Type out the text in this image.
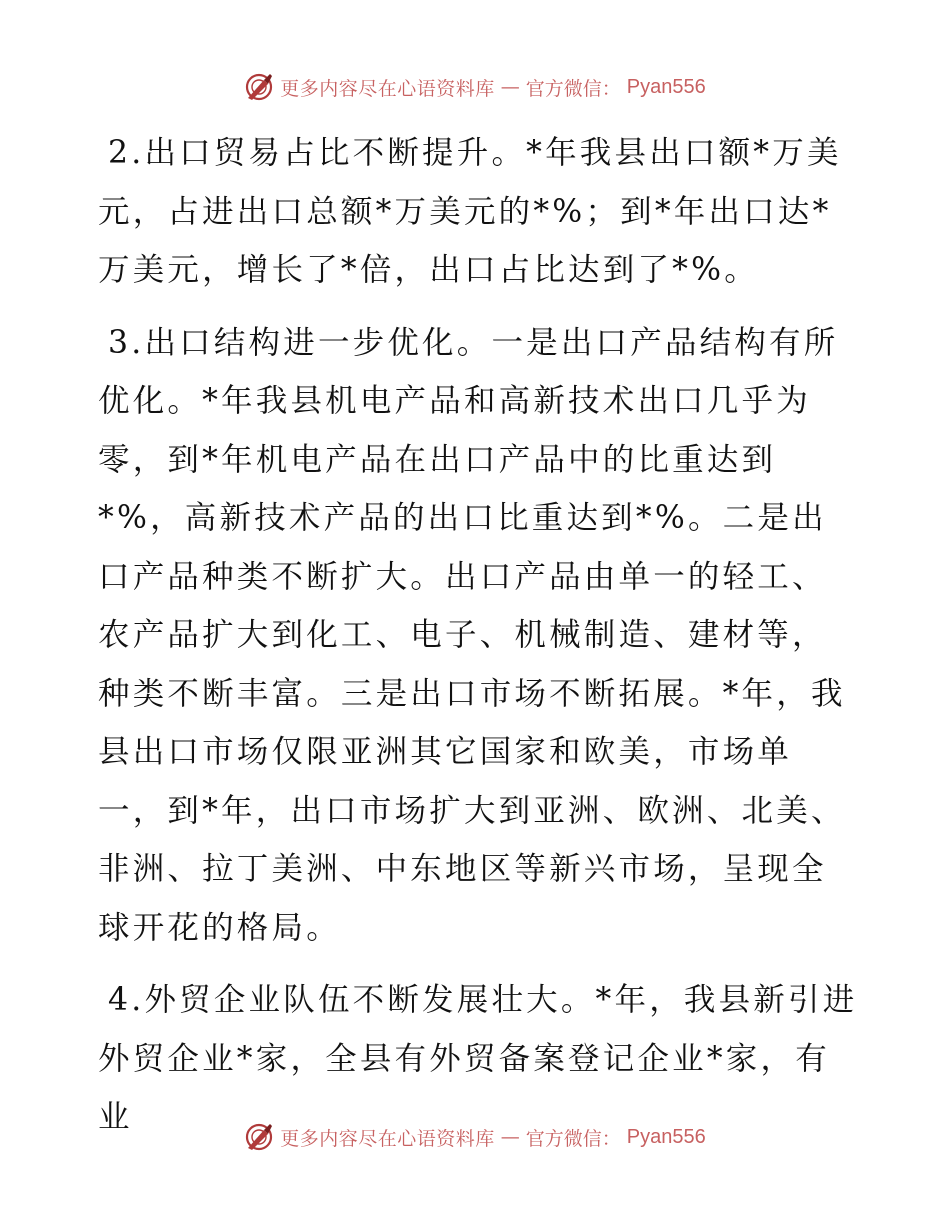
更多内容尽在心语资料库 — 官方微信： Pyan556

2.出口贸易占比不断提升。*年我县出口额*万美元，占进出口总额*万美元的*%；到*年出口达*万美元，增长了*倍，出口占比达到了*%。

3.出口结构进一步优化。一是出口产品结构有所优化。*年我县机电产品和高新技术出口几乎为零，到*年机电产品在出口产品中的比重达到*%，高新技术产品的出口比重达到*%。二是出口产品种类不断扩大。出口产品由单一的轻工、农产品扩大到化工、电子、机械制造、建材等，种类不断丰富。三是出口市场不断拓展。*年，我县出口市场仅限亚洲其它国家和欧美，市场单一，到*年，出口市场扩大到亚洲、欧洲、北美、非洲、拉丁美洲、中东地区等新兴市场，呈现全球开花的格局。

4.外贸企业队伍不断发展壮大。*年，我县新引进外贸企业*家，全县有外贸备案登记企业*家，有业

更多内容尽在心语资料库 — 官方微信： Pyan556
